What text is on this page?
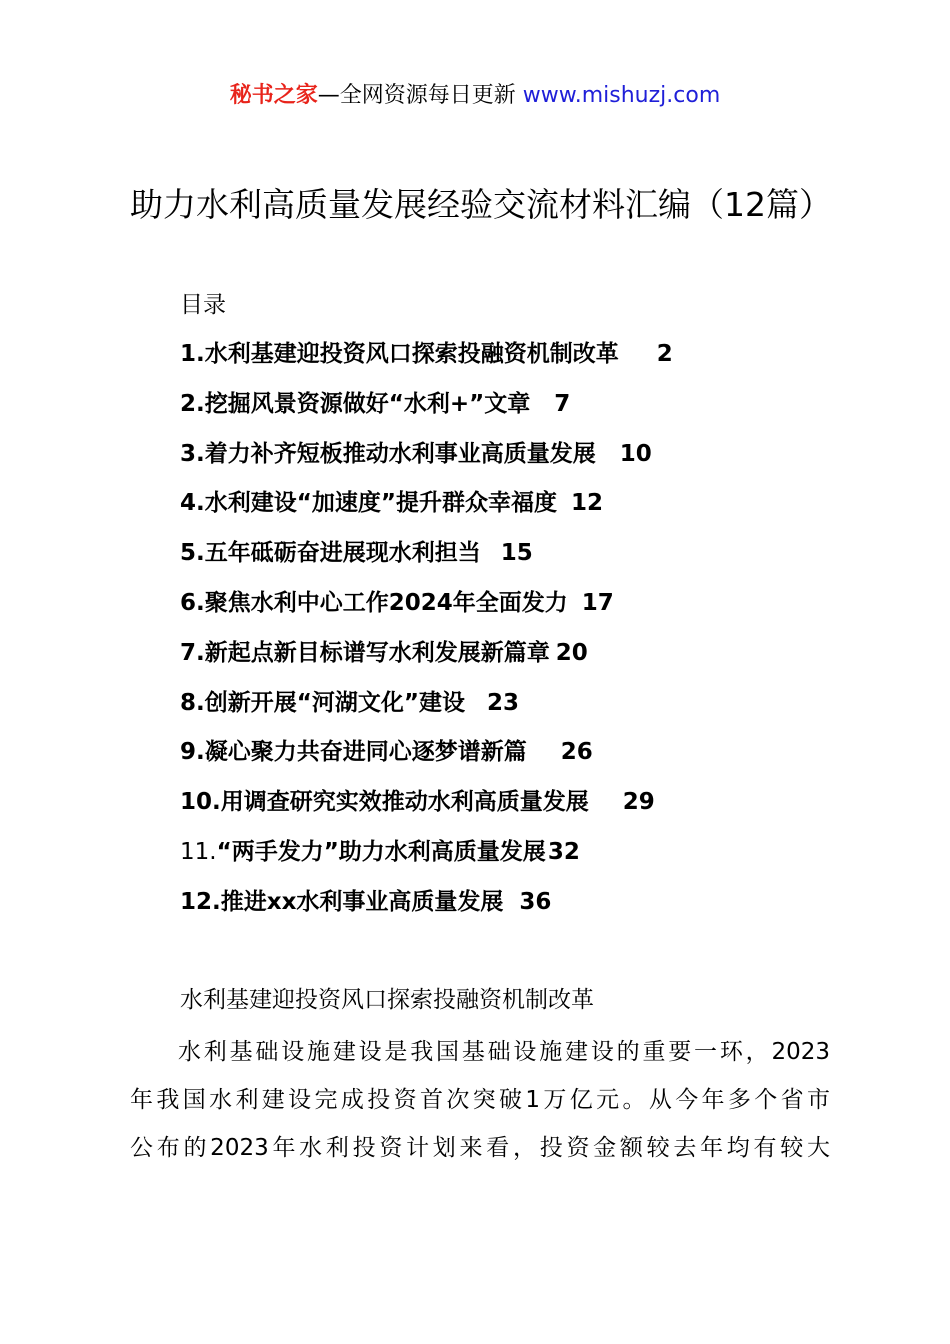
秘书之家—全网资源每日更新 www.mishuzj.com
助力水利高质量发展经验交流材料汇编（12篇）
目录
1.水利基建迎投资风口探索投融资机制改革 2
2.挖掘风景资源做好“水利+”文章 7
3.着力补齐短板推动水利事业高质量发展 10
4.水利建设“加速度”提升群众幸福度 12
5.五年砥砺奋进展现水利担当 15
6.聚焦水利中心工作2024年全面发力 17
7.新起点新目标谱写水利发展新篇章 20
8.创新开展“河湖文化”建设 23
9.凝心聚力共奋进同心逐梦谱新篇 26
10.用调查研究实效推动水利高质量发展 29
11.“两手发力”助力水利高质量发展32
12.推进xx水利事业高质量发展 36
水利基建迎投资风口探索投融资机制改革
水利基础设施建设是我国基础设施建设的重要一环，2023
年我国水利建设完成投资首次突破1万亿元。从今年多个省市
公布的2023年水利投资计划来看，投资金额较去年均有较大
